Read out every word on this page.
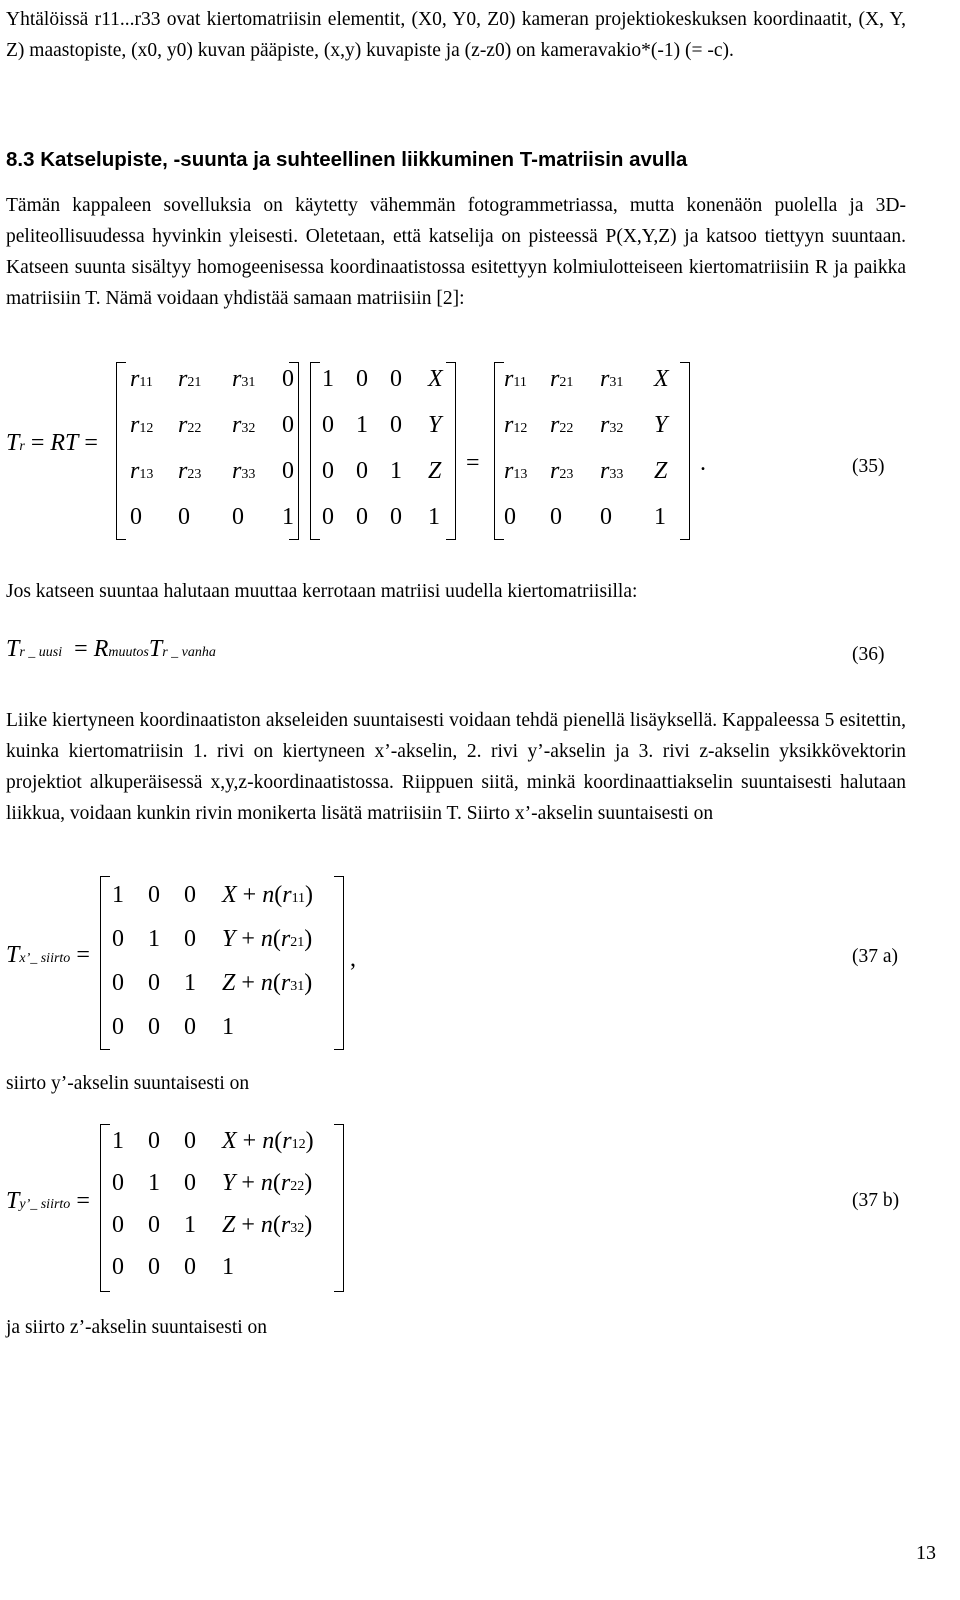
Yhtälöissä r11...r33 ovat kiertomatriisin elementit, (X0, Y0, Z0) kameran projektiokeskuksen koordinaatit, (X, Y, Z) maastopiste, (x0, y0) kuvan pääpiste, (x,y) kuvapiste ja (z-z0) on kameravakio*(-1) (= -c).
8.3 Katselupiste, -suunta ja suhteellinen liikkuminen T-matriisin avulla
Tämän kappaleen sovelluksia on käytetty vähemmän fotogrammetriassa, mutta konenäön puolella ja 3D-peliteollisuudessa hyvinkin yleisesti. Oletetaan, että katselija on pisteessä P(X,Y,Z) ja katsoo tiettyyn suuntaan. Katseen suunta sisältyy homogeenisessa koordinaatistossa esitettyyn kolmiulotteiseen kiertomatriisiin R ja paikka matriisiin T. Nämä voidaan yhdistää samaan matriisiin [2]:
Tr = RT =
r11 r21 r31 0
r12 r22 r32 0
r13 r23 r33 0
0 0 0 1
1 0 0 X
0 1 0 Y
0 0 1 Z
0 0 0 1
=
r11 r21 r31 X
r12 r22 r32 Y
r13 r23 r33 Z
0 0 0 1
.	(35)
Jos katseen suuntaa halutaan muuttaa kerrotaan matriisi uudella kiertomatriisilla:
Tr _ uusi  = RmuutosTr _ vanha	(36)
Liike kiertyneen koordinaatiston akseleiden suuntaisesti voidaan tehdä pienellä lisäyksellä. Kappaleessa 5 esitettin, kuinka kiertomatriisin 1. rivi on kiertyneen x’-akselin, 2. rivi y’-akselin ja 3. rivi z-akselin yksikkövektorin projektiot alkuperäisessä x,y,z-koordinaatistossa. Riippuen siitä, minkä koordinaattiakselin suuntaisesti halutaan liikkua, voidaan kunkin rivin monikerta lisätä matriisiin T. Siirto x’-akselin suuntaisesti on
Tx’_ siirto =
1 0 0 X + n(r11)
0 1 0 Y + n(r21)
0 0 1 Z + n(r31)
0 0 0 1
,	(37 a)
siirto y’-akselin suuntaisesti on
Ty’_ siirto =
1 0 0 X + n(r12)
0 1 0 Y + n(r22)
0 0 1 Z + n(r32)
0 0 0 1
(37 b)
ja siirto z’-akselin suuntaisesti on
13
